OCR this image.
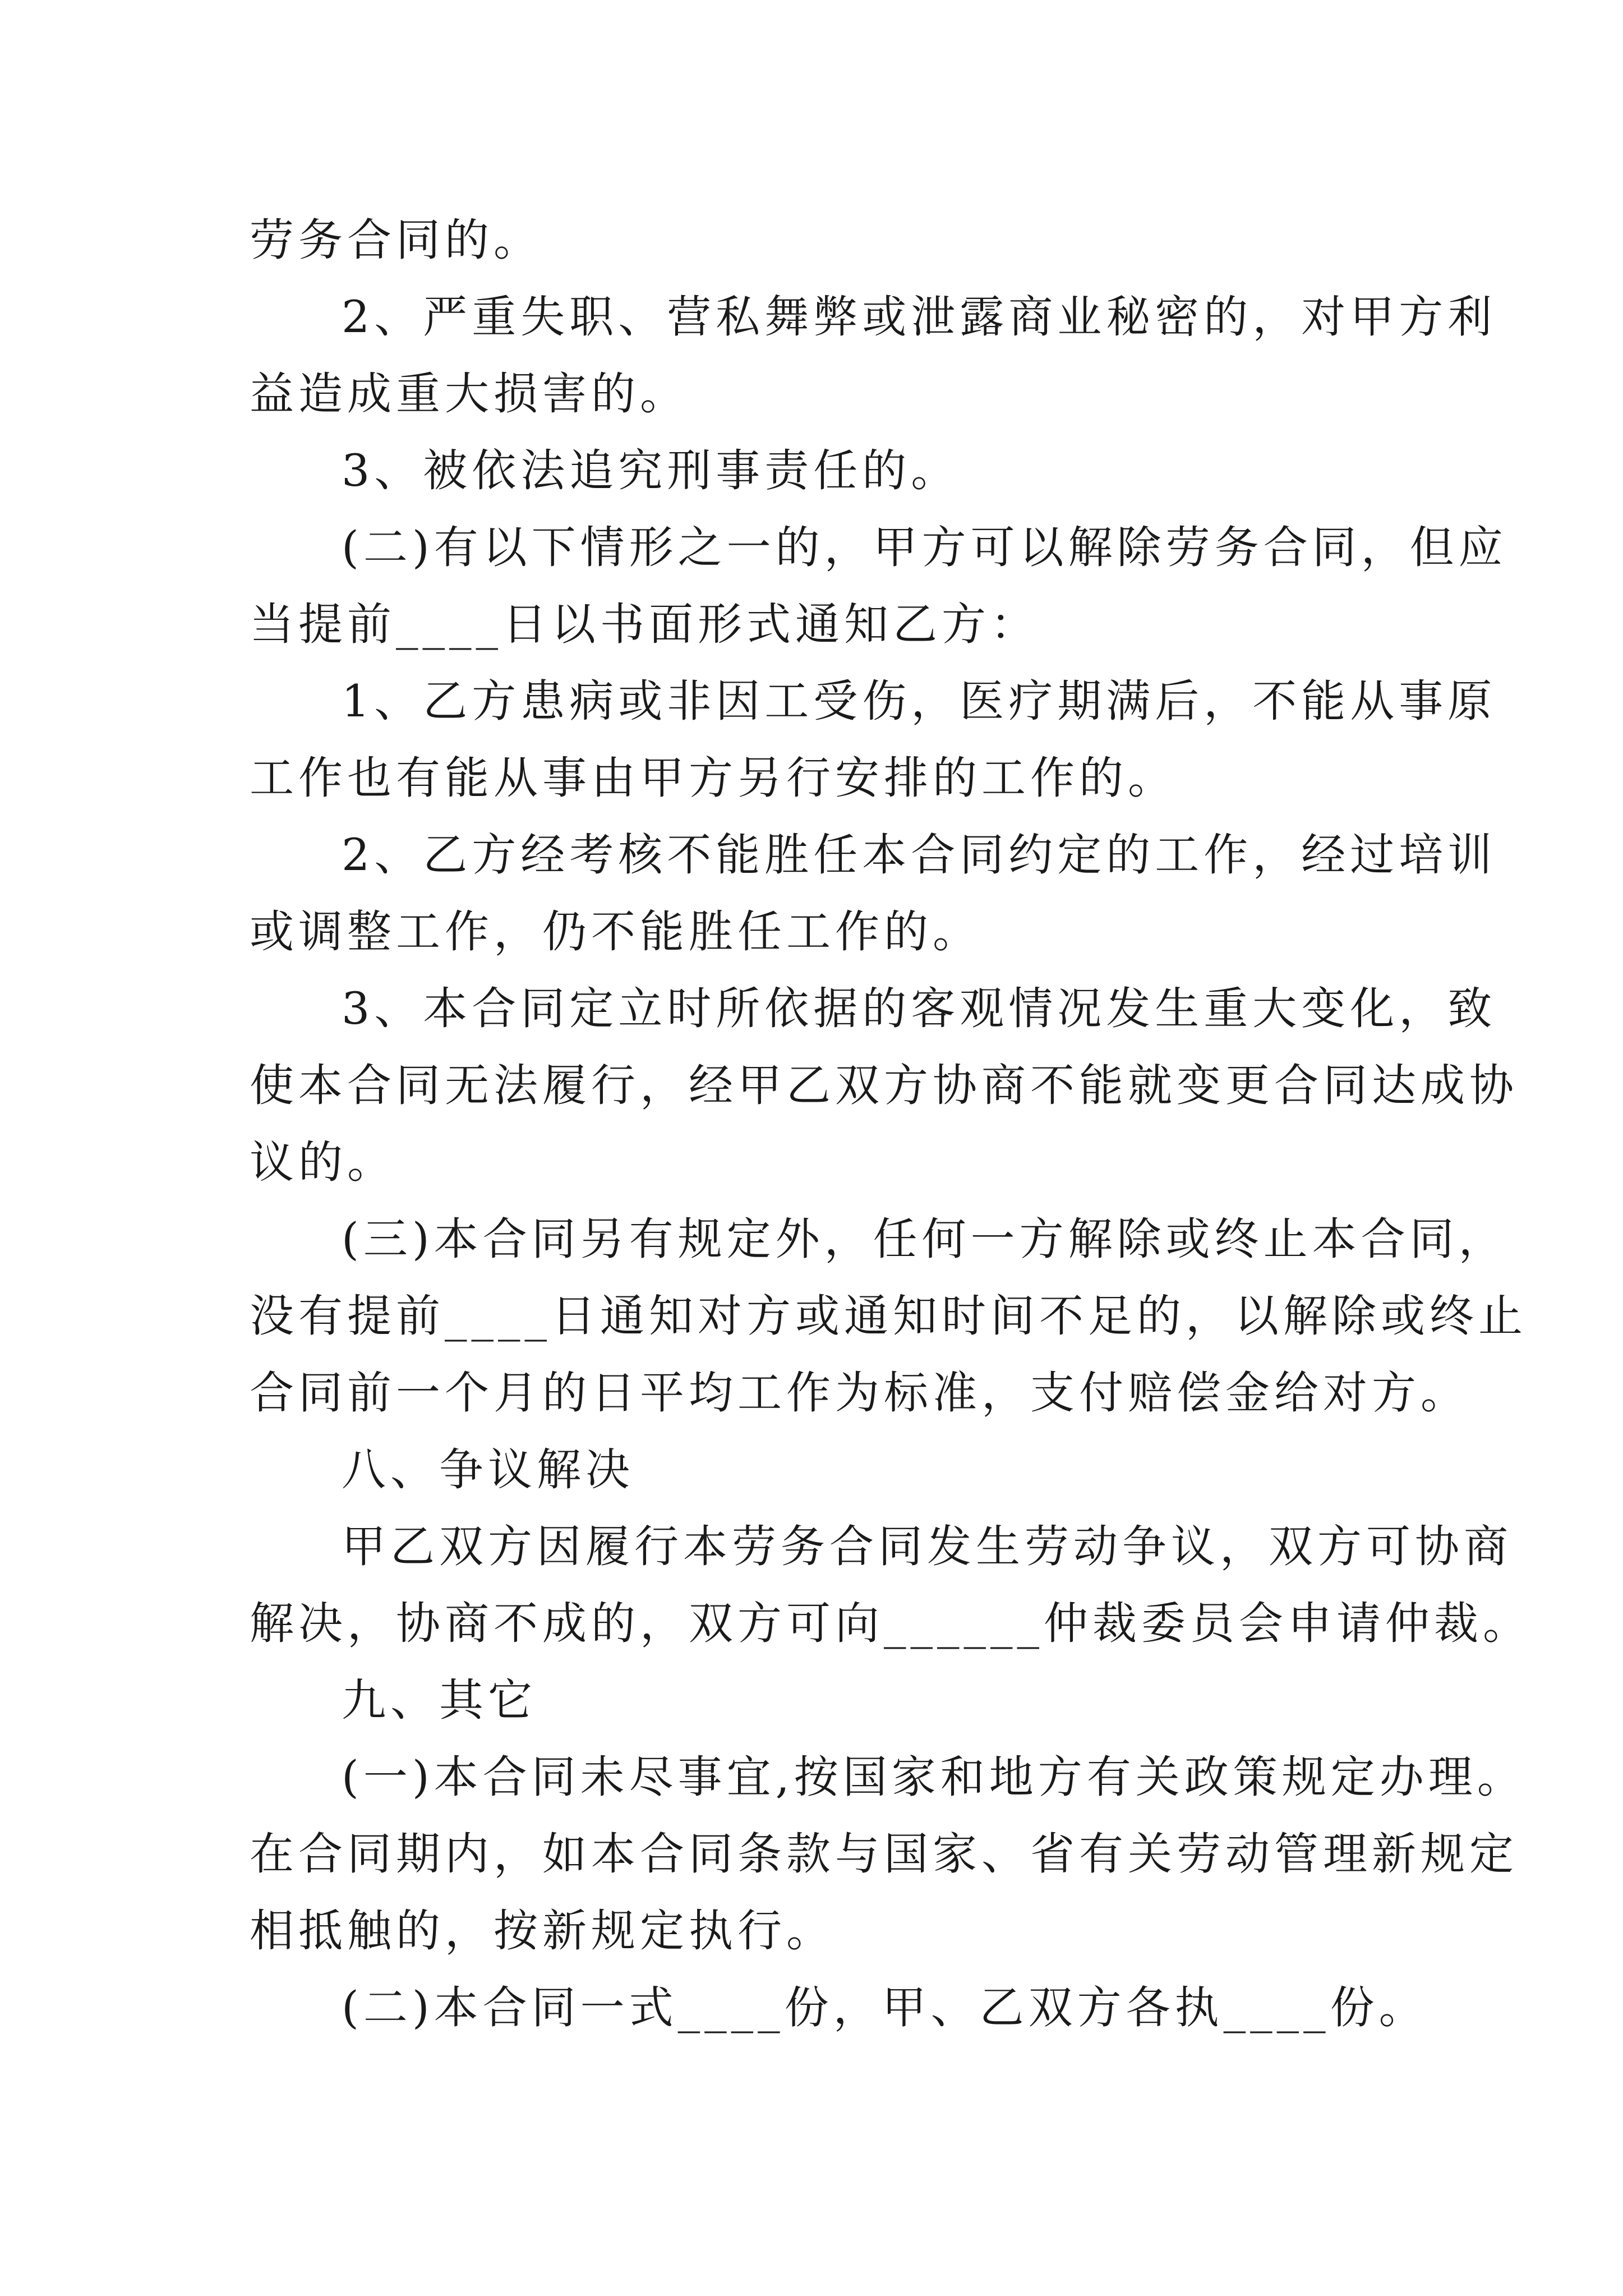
劳务合同的。
2、严重失职、营私舞弊或泄露商业秘密的，对甲方利
益造成重大损害的。
3、被依法追究刑事责任的。
(二)有以下情形之一的，甲方可以解除劳务合同，但应
当提前____日以书面形式通知乙方：
1、乙方患病或非因工受伤，医疗期满后，不能从事原
工作也有能从事由甲方另行安排的工作的。
2、乙方经考核不能胜任本合同约定的工作，经过培训
或调整工作，仍不能胜任工作的。
3、本合同定立时所依据的客观情况发生重大变化，致
使本合同无法履行，经甲乙双方协商不能就变更合同达成协
议的。
(三)本合同另有规定外，任何一方解除或终止本合同，
没有提前____日通知对方或通知时间不足的，以解除或终止
合同前一个月的日平均工作为标准，支付赔偿金给对方。
八、争议解决
甲乙双方因履行本劳务合同发生劳动争议，双方可协商
解决，协商不成的，双方可向______仲裁委员会申请仲裁。
九、其它
(一)本合同未尽事宜,按国家和地方有关政策规定办理。
在合同期内，如本合同条款与国家、省有关劳动管理新规定
相抵触的，按新规定执行。
(二)本合同一式____份，甲、乙双方各执____份。
